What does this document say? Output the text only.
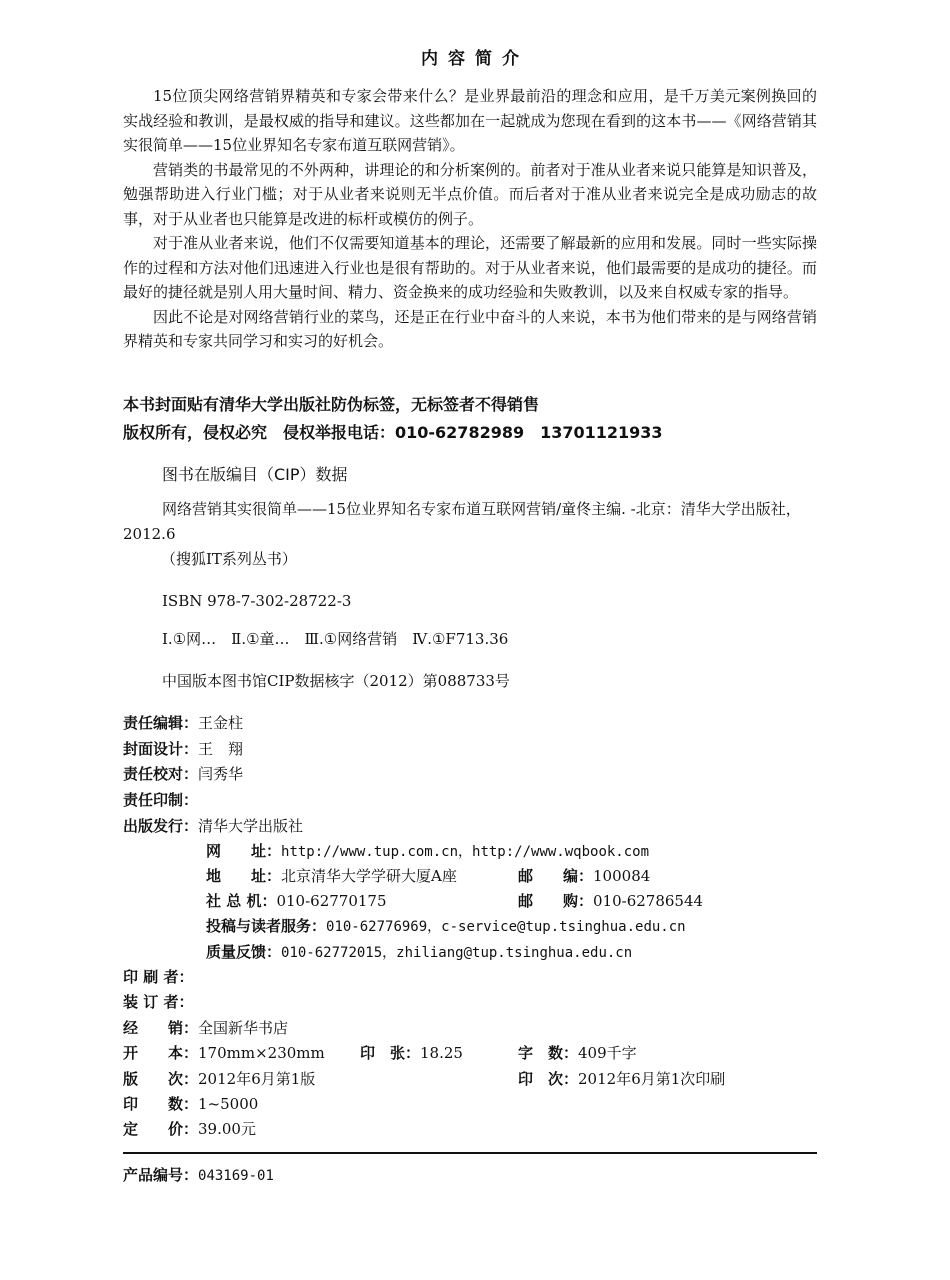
内容简介

15位顶尖网络营销界精英和专家会带来什么？是业界最前沿的理念和应用，是千万美元案例换回的实战经验和教训，是最权威的指导和建议。这些都加在一起就成为您现在看到的这本书——《网络营销其实很简单——15位业界知名专家布道互联网营销》。

营销类的书最常见的不外两种，讲理论的和分析案例的。前者对于准从业者来说只能算是知识普及，勉强帮助进入行业门槛；对于从业者来说则无半点价值。而后者对于准从业者来说完全是成功励志的故事，对于从业者也只能算是改进的标杆或模仿的例子。

对于准从业者来说，他们不仅需要知道基本的理论，还需要了解最新的应用和发展。同时一些实际操作的过程和方法对他们迅速进入行业也是很有帮助的。对于从业者来说，他们最需要的是成功的捷径。而最好的捷径就是别人用大量时间、精力、资金换来的成功经验和失败教训，以及来自权威专家的指导。

因此不论是对网络营销行业的菜鸟，还是正在行业中奋斗的人来说，本书为他们带来的是与网络营销界精英和专家共同学习和实习的好机会。

本书封面贴有清华大学出版社防伪标签，无标签者不得销售
版权所有，侵权必究　侵权举报电话：010-62782989　13701121933
图书在版编目（CIP）数据
网络营销其实很简单——15位业界知名专家布道互联网营销/童佟主编. -北京：清华大学出版社，2012.6
（搜狐IT系列丛书）
ISBN 978-7-302-28722-3
Ⅰ.①网…　Ⅱ.①童…　Ⅲ.①网络营销　Ⅳ.①F713.36
中国版本图书馆CIP数据核字（2012）第088733号
责任编辑：王金柱
封面设计：王　翔
责任校对：闫秀华
责任印制：
出版发行：清华大学出版社
网　　址：http://www.tup.com.cn，http://www.wqbook.com
地　　址：北京清华大学学研大厦A座	邮　　编：100084
社 总 机：010-62770175	邮　　购：010-62786544
投稿与读者服务：010-62776969，c-service@tup.tsinghua.edu.cn
质量反馈：010-62772015，zhiliang@tup.tsinghua.edu.cn
印 刷 者：
装 订 者：
经　　销：全国新华书店
开　　本：170mm×230mm 印　张：18.25	字　数：409千字
版　　次：2012年6月第1版	印　次：2012年6月第1次印刷
印　　数：1~5000
定　　价：39.00元
产品编号：043169-01
